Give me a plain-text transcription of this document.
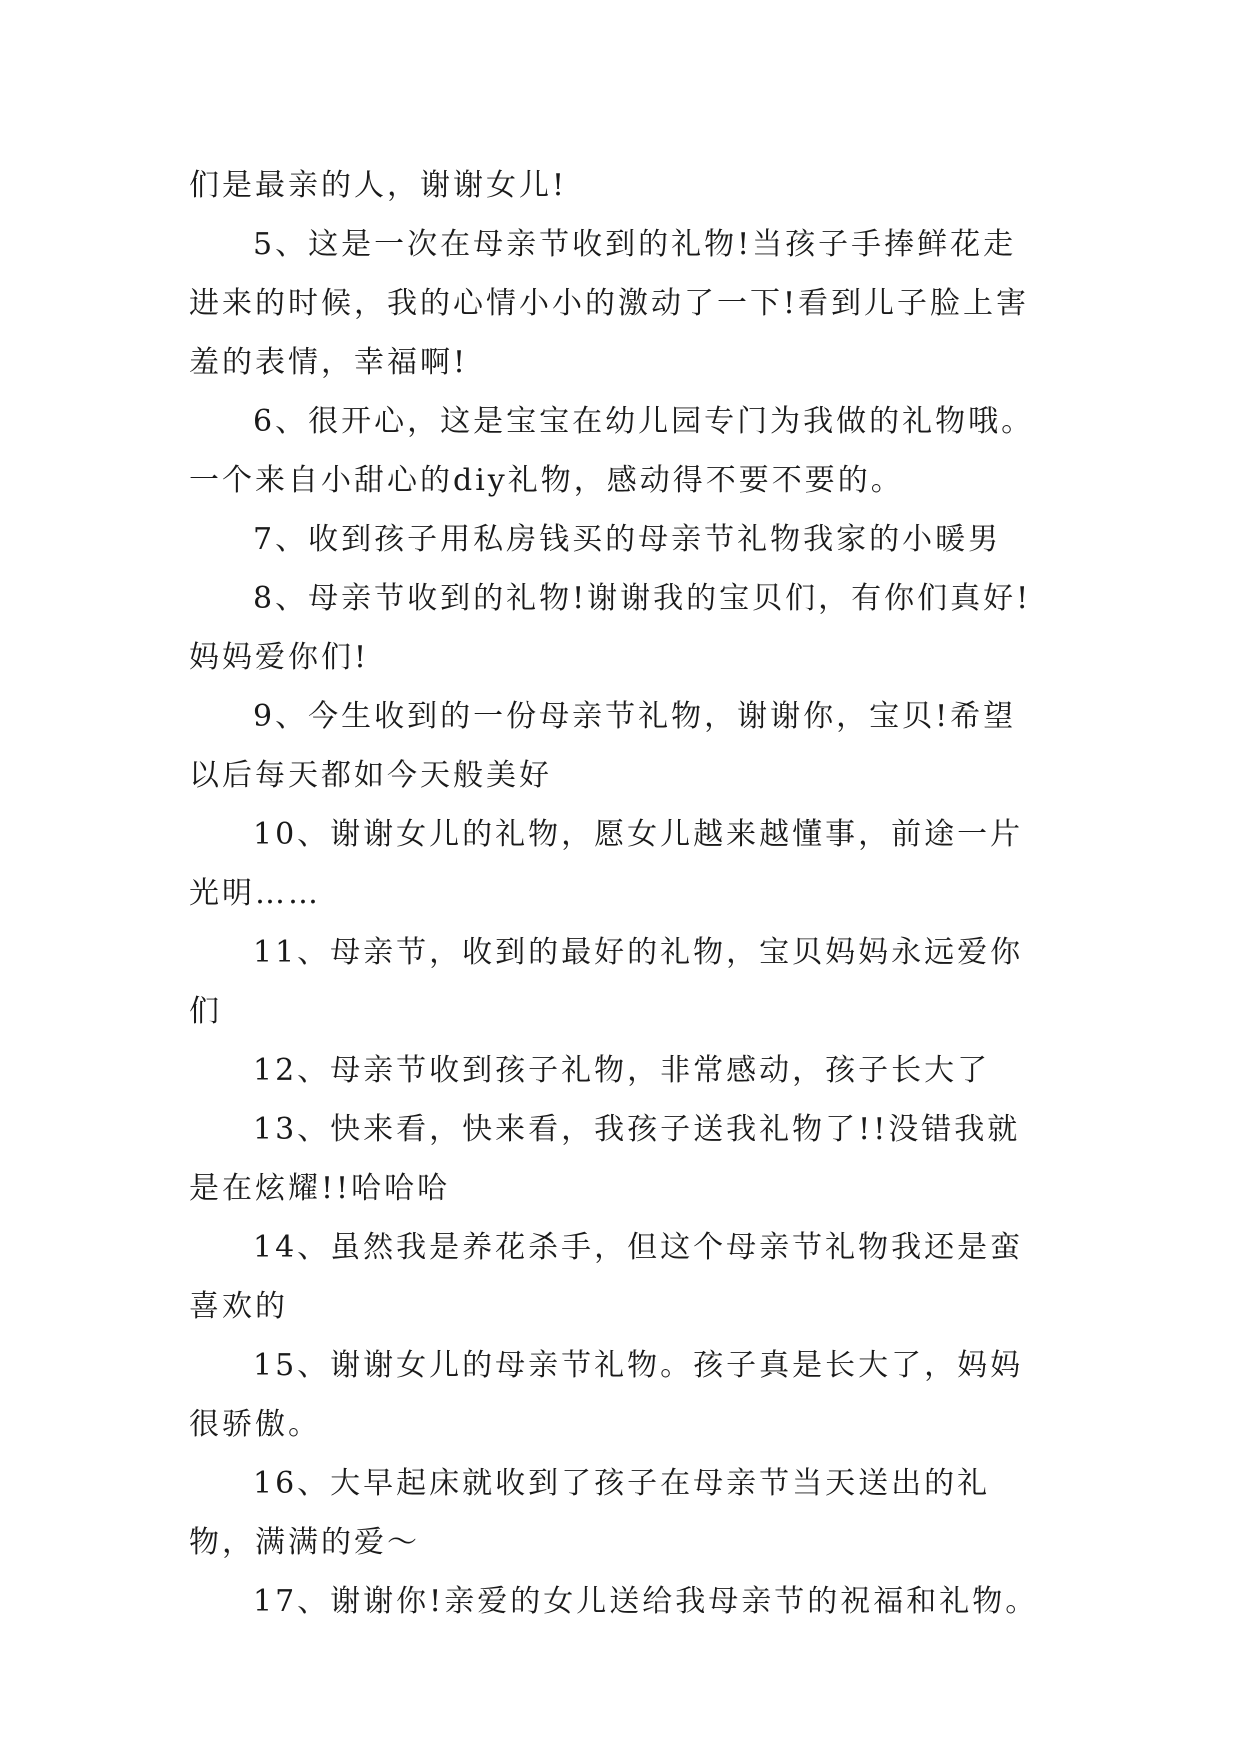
们是最亲的人，谢谢女儿!

5、这是一次在母亲节收到的礼物!当孩子手捧鲜花走进来的时候，我的心情小小的激动了一下!看到儿子脸上害羞的表情，幸福啊!

6、很开心，这是宝宝在幼儿园专门为我做的礼物哦。一个来自小甜心的diy礼物，感动得不要不要的。

7、收到孩子用私房钱买的母亲节礼物我家的小暖男

8、母亲节收到的礼物!谢谢我的宝贝们，有你们真好!妈妈爱你们!

9、今生收到的一份母亲节礼物，谢谢你，宝贝!希望以后每天都如今天般美好

10、谢谢女儿的礼物，愿女儿越来越懂事，前途一片光明……

11、母亲节，收到的最好的礼物，宝贝妈妈永远爱你们

12、母亲节收到孩子礼物，非常感动，孩子长大了

13、快来看，快来看，我孩子送我礼物了!!没错我就是在炫耀!!哈哈哈

14、虽然我是养花杀手，但这个母亲节礼物我还是蛮喜欢的

15、谢谢女儿的母亲节礼物。孩子真是长大了，妈妈很骄傲。

16、大早起床就收到了孩子在母亲节当天送出的礼物，满满的爱～

17、谢谢你!亲爱的女儿送给我母亲节的祝福和礼物。
